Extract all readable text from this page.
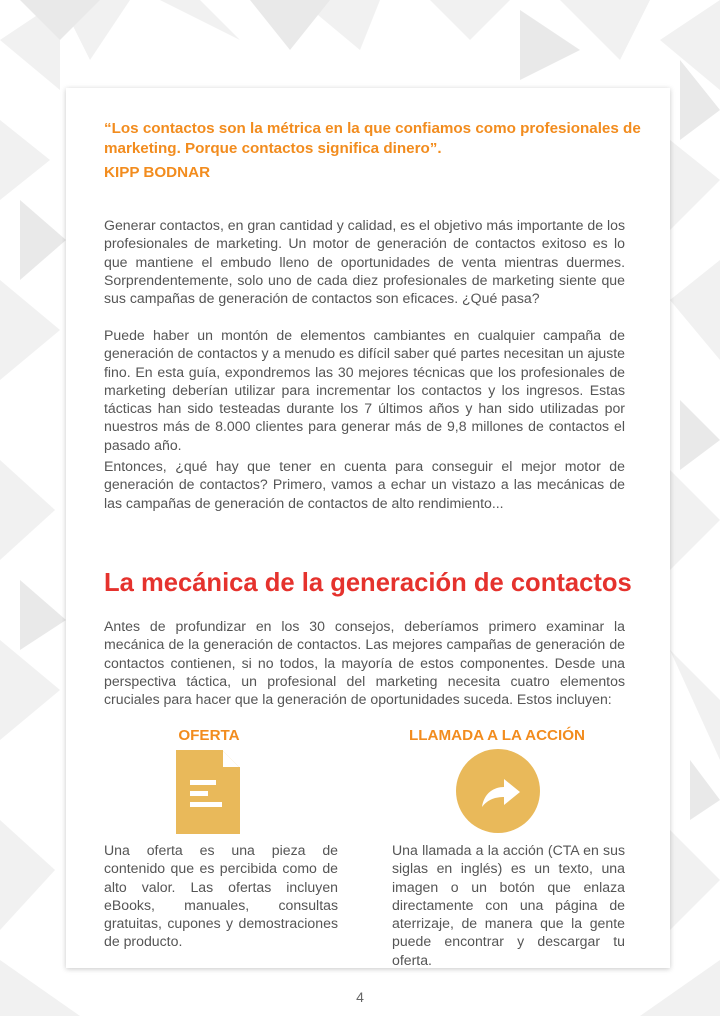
“Los contactos son la métrica en la que confiamos como profesionales de marketing. Porque contactos significa dinero”.

KIPP BODNAR

Generar contactos, en gran cantidad y calidad, es el objetivo más importante de los profesionales de marketing. Un motor de generación de contactos exitoso es lo que mantiene el embudo lleno de oportunidades de venta mientras duermes. Sorprendentemente, solo uno de cada diez profesionales de marketing siente que sus campañas de generación de contactos son eficaces. ¿Qué pasa?

Puede haber un montón de elementos cambiantes en cualquier campaña de generación de contactos y a menudo es difícil saber qué partes necesitan un ajuste fino. En esta guía, expondremos las 30 mejores técnicas que los profesionales de marketing deberían utilizar para incrementar los contactos y los ingresos. Estas tácticas han sido testeadas durante los 7 últimos años y han sido utilizadas por nuestros más de 8.000 clientes para generar más de 9,8 millones de contactos el pasado año.

Entonces, ¿qué hay que tener en cuenta para conseguir el mejor motor de generación de contactos? Primero, vamos a echar un vistazo a las mecánicas de las campañas de generación de contactos de alto rendimiento...

La mecánica de la generación de contactos

Antes de profundizar en los 30 consejos, deberíamos primero examinar la mecánica de la generación de contactos. Las mejores campañas de generación de contactos contienen, si no todos, la mayoría de estos componentes. Desde una perspectiva táctica, un profesional del marketing necesita cuatro elementos cruciales para hacer que la generación de oportunidades suceda. Estos incluyen:

OFERTA	LLAMADA A LA ACCIÓN

Una oferta es una pieza de contenido que es percibida como de alto valor. Las ofertas incluyen eBooks, manuales, consultas gratuitas, cupones y demostraciones de producto.

Una llamada a la acción (CTA en sus siglas en inglés) es un texto, una imagen o un botón que enlaza directamente con una página de aterrizaje, de manera que la gente puede encontrar y descargar tu oferta.

4
